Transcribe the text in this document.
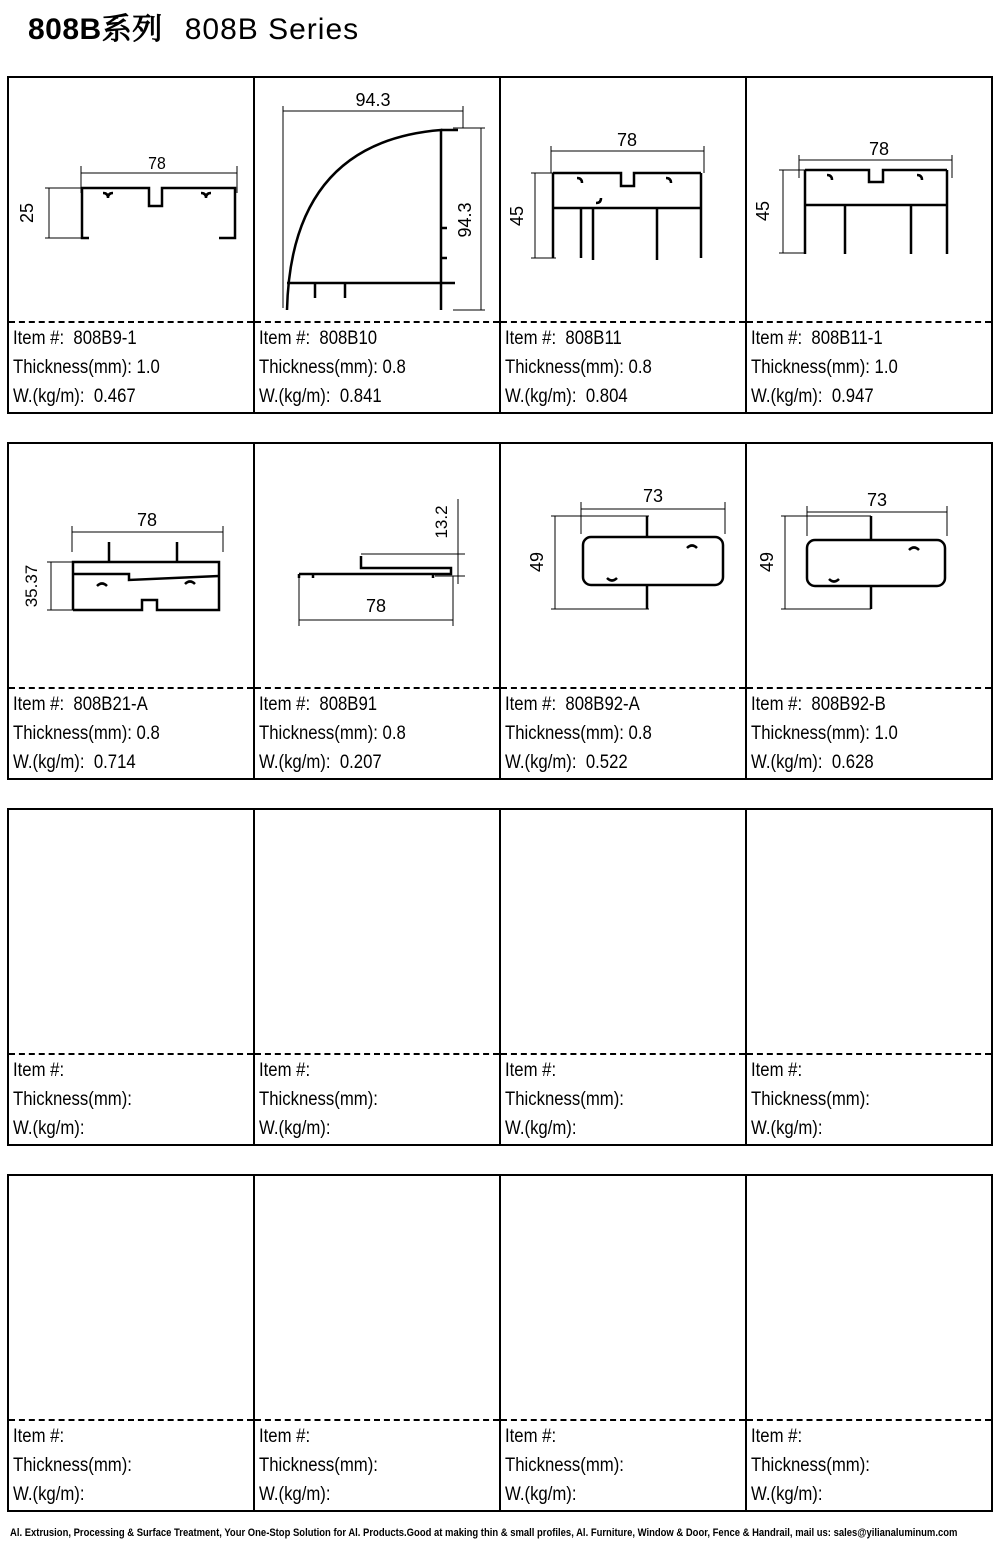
808B系列 808B Series
78
25
Item #: 808B9-1
Thickness(mm): 1.0
W.(kg/m): 0.467
94.3
94.3
Item #: 808B10
Thickness(mm): 0.8
W.(kg/m): 0.841
78
45
Item #: 808B11
Thickness(mm): 0.8
W.(kg/m): 0.804
78
45
Item #: 808B11-1
Thickness(mm): 1.0
W.(kg/m): 0.947
78
35.37
Item #: 808B21-A
Thickness(mm): 0.8
W.(kg/m): 0.714
78
13.2
Item #: 808B91
Thickness(mm): 0.8
W.(kg/m): 0.207
73
49
Item #: 808B92-A
Thickness(mm): 0.8
W.(kg/m): 0.522
73
49
Item #: 808B92-B
Thickness(mm): 1.0
W.(kg/m): 0.628
Item #:
Thickness(mm):
W.(kg/m):
Item #:
Thickness(mm):
W.(kg/m):
Item #:
Thickness(mm):
W.(kg/m):
Item #:
Thickness(mm):
W.(kg/m):
Item #:
Thickness(mm):
W.(kg/m):
Item #:
Thickness(mm):
W.(kg/m):
Item #:
Thickness(mm):
W.(kg/m):
Item #:
Thickness(mm):
W.(kg/m):
Al. Extrusion, Processing & Surface Treatment, Your One-Stop Solution for Al. Products.Good at making thin & small profiles, Al. Furniture, Window & Door, Fence & Handrail, mail us: sales@yilianaluminum.com
